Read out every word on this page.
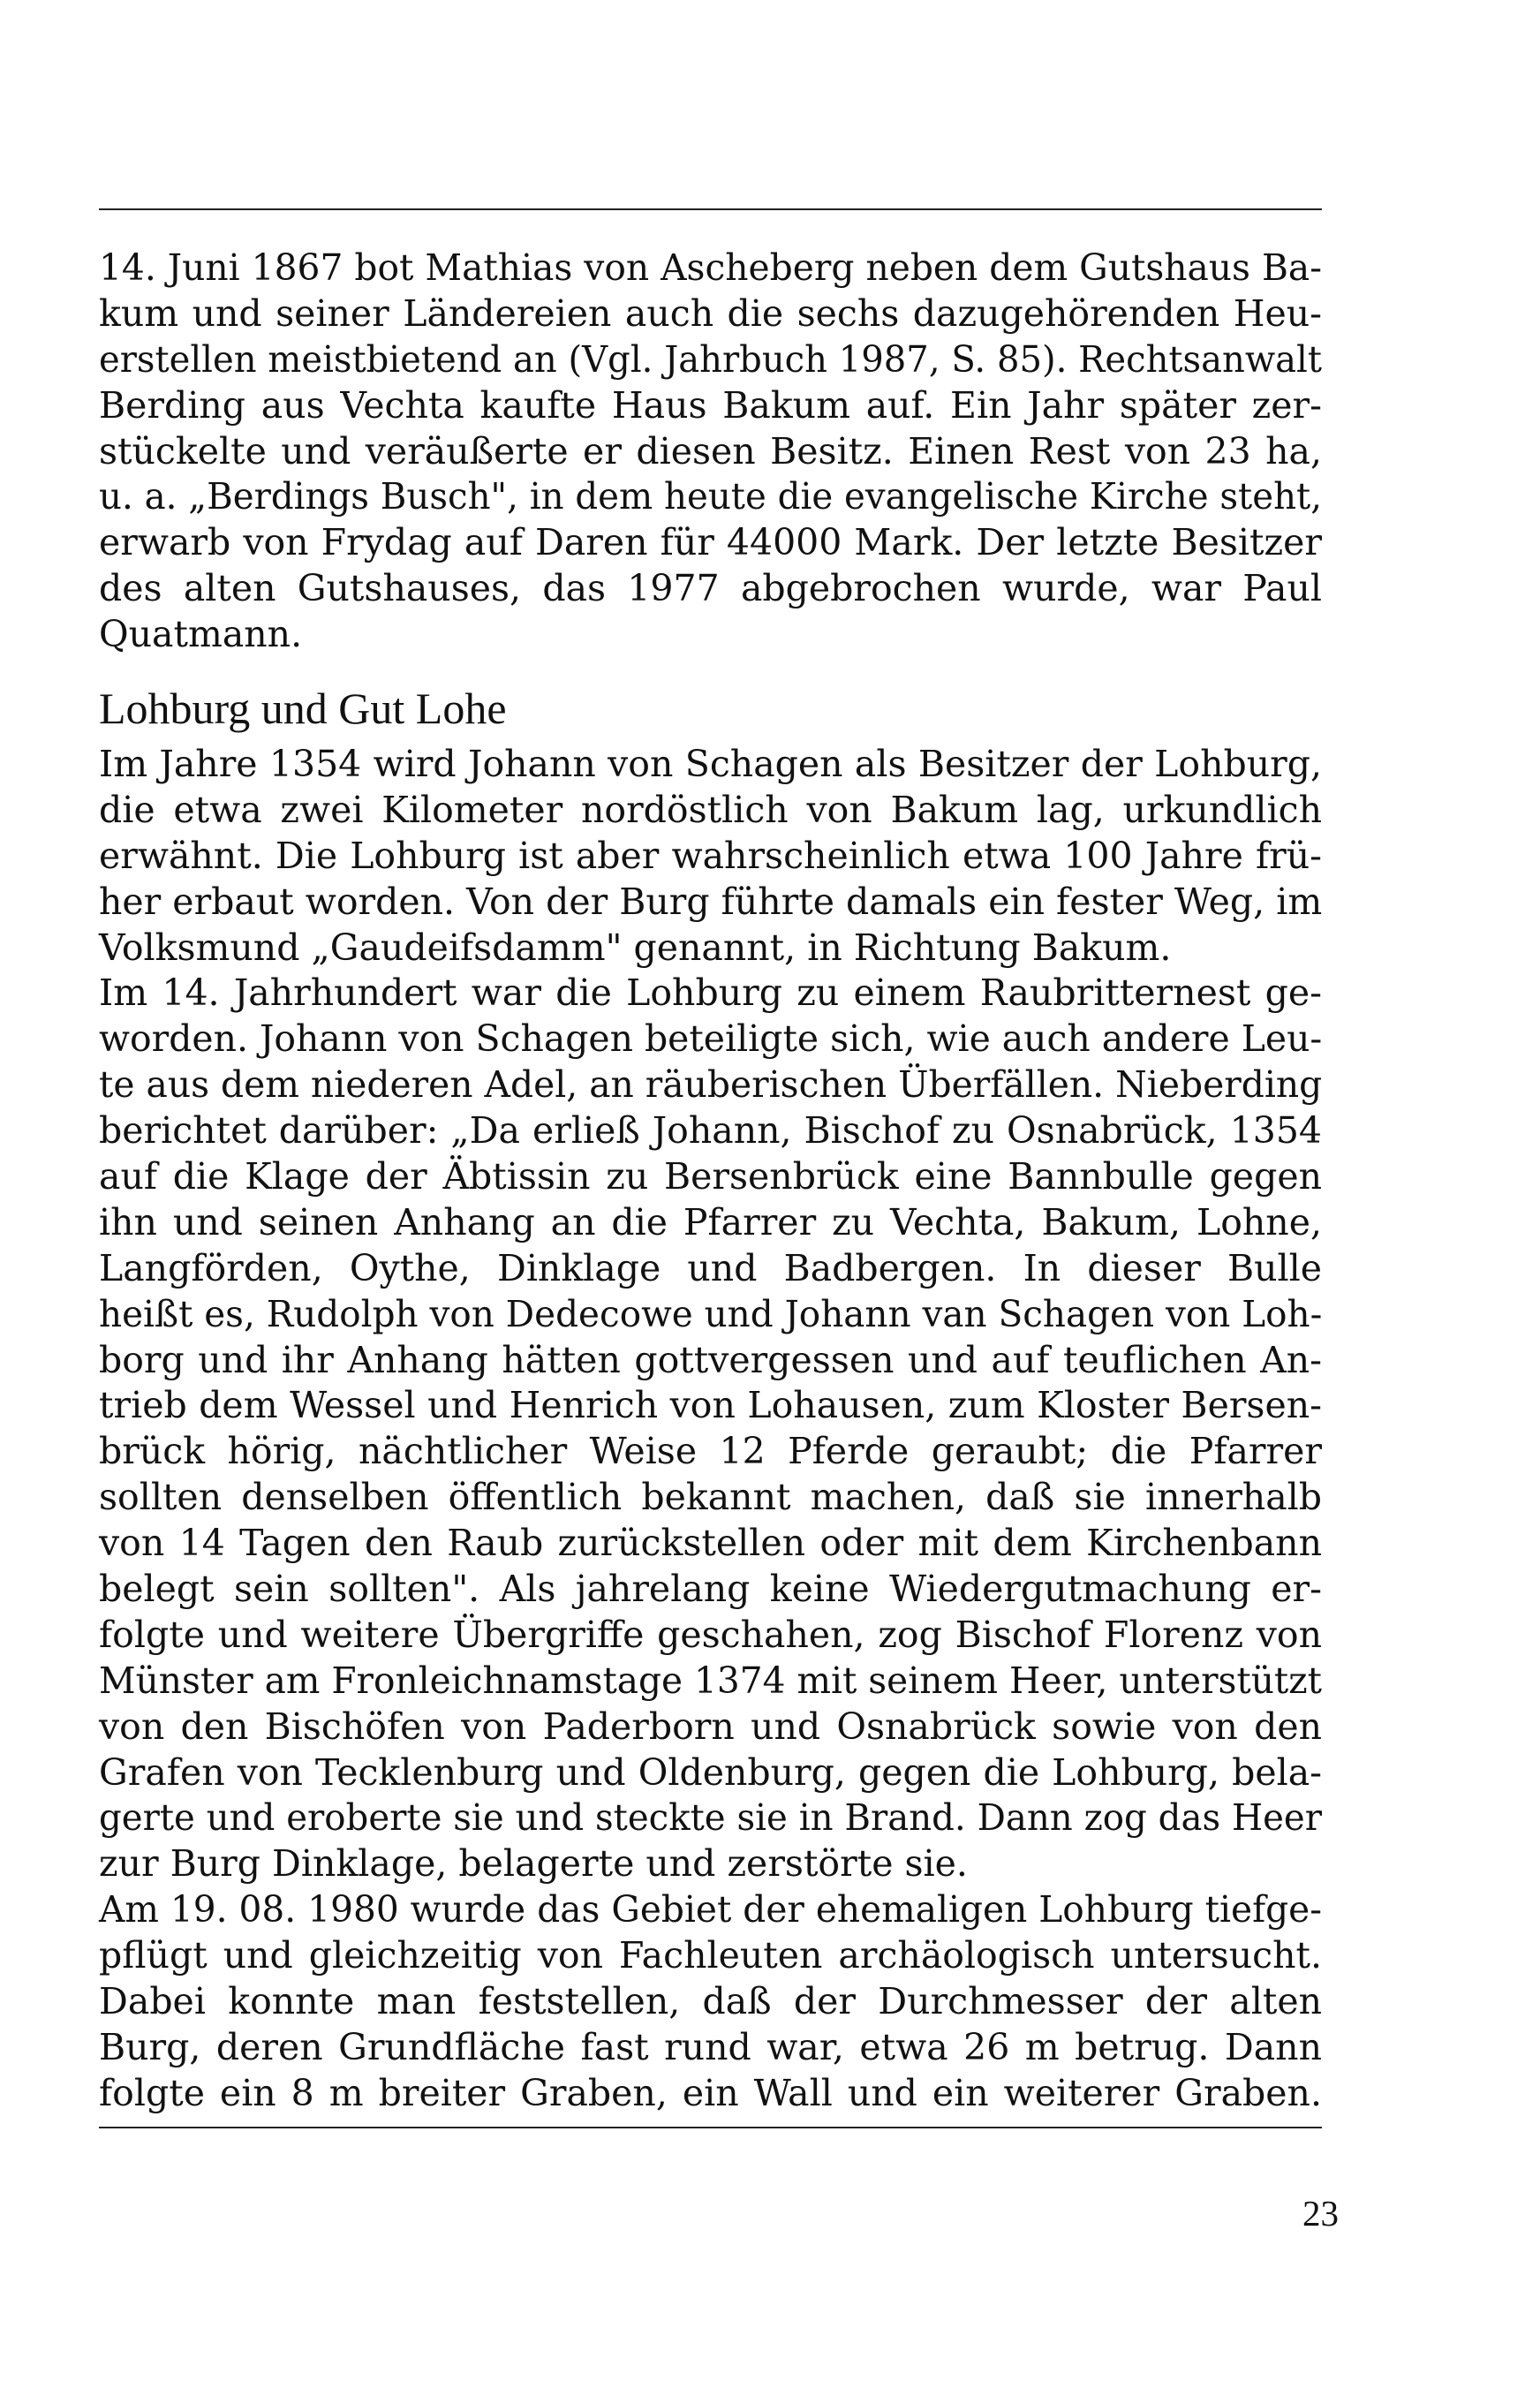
14. Juni 1867 bot Mathias von Ascheberg neben dem Gutshaus Ba-
kum und seiner Ländereien auch die sechs dazugehörenden Heu-
erstellen meistbietend an (Vgl. Jahrbuch 1987, S. 85). Rechtsanwalt
Berding aus Vechta kaufte Haus Bakum auf. Ein Jahr später zer-
stückelte und veräußerte er diesen Besitz. Einen Rest von 23 ha,
u. a. „Berdings Busch", in dem heute die evangelische Kirche steht,
erwarb von Frydag auf Daren für 44000 Mark. Der letzte Besitzer
des alten Gutshauses, das 1977 abgebrochen wurde, war Paul
Quatmann.
Lohburg und Gut Lohe
Im Jahre 1354 wird Johann von Schagen als Besitzer der Lohburg,
die etwa zwei Kilometer nordöstlich von Bakum lag, urkundlich
erwähnt. Die Lohburg ist aber wahrscheinlich etwa 100 Jahre frü-
her erbaut worden. Von der Burg führte damals ein fester Weg, im
Volksmund „Gaudeifsdamm" genannt, in Richtung Bakum.
Im 14. Jahrhundert war die Lohburg zu einem Raubritternest ge-
worden. Johann von Schagen beteiligte sich, wie auch andere Leu-
te aus dem niederen Adel, an räuberischen Überfällen. Nieberding
berichtet darüber: „Da erließ Johann, Bischof zu Osnabrück, 1354
auf die Klage der Äbtissin zu Bersenbrück eine Bannbulle gegen
ihn und seinen Anhang an die Pfarrer zu Vechta, Bakum, Lohne,
Langförden, Oythe, Dinklage und Badbergen. In dieser Bulle
heißt es, Rudolph von Dedecowe und Johann van Schagen von Loh-
borg und ihr Anhang hätten gottvergessen und auf teuflichen An-
trieb dem Wessel und Henrich von Lohausen, zum Kloster Bersen-
brück hörig, nächtlicher Weise 12 Pferde geraubt; die Pfarrer
sollten denselben öffentlich bekannt machen, daß sie innerhalb
von 14 Tagen den Raub zurückstellen oder mit dem Kirchenbann
belegt sein sollten". Als jahrelang keine Wiedergutmachung er-
folgte und weitere Übergriffe geschahen, zog Bischof Florenz von
Münster am Fronleichnamstage 1374 mit seinem Heer, unterstützt
von den Bischöfen von Paderborn und Osnabrück sowie von den
Grafen von Tecklenburg und Oldenburg, gegen die Lohburg, bela-
gerte und eroberte sie und steckte sie in Brand. Dann zog das Heer
zur Burg Dinklage, belagerte und zerstörte sie.
Am 19. 08. 1980 wurde das Gebiet der ehemaligen Lohburg tiefge-
pflügt und gleichzeitig von Fachleuten archäologisch untersucht.
Dabei konnte man feststellen, daß der Durchmesser der alten
Burg, deren Grundfläche fast rund war, etwa 26 m betrug. Dann
folgte ein 8 m breiter Graben, ein Wall und ein weiterer Graben.
23
